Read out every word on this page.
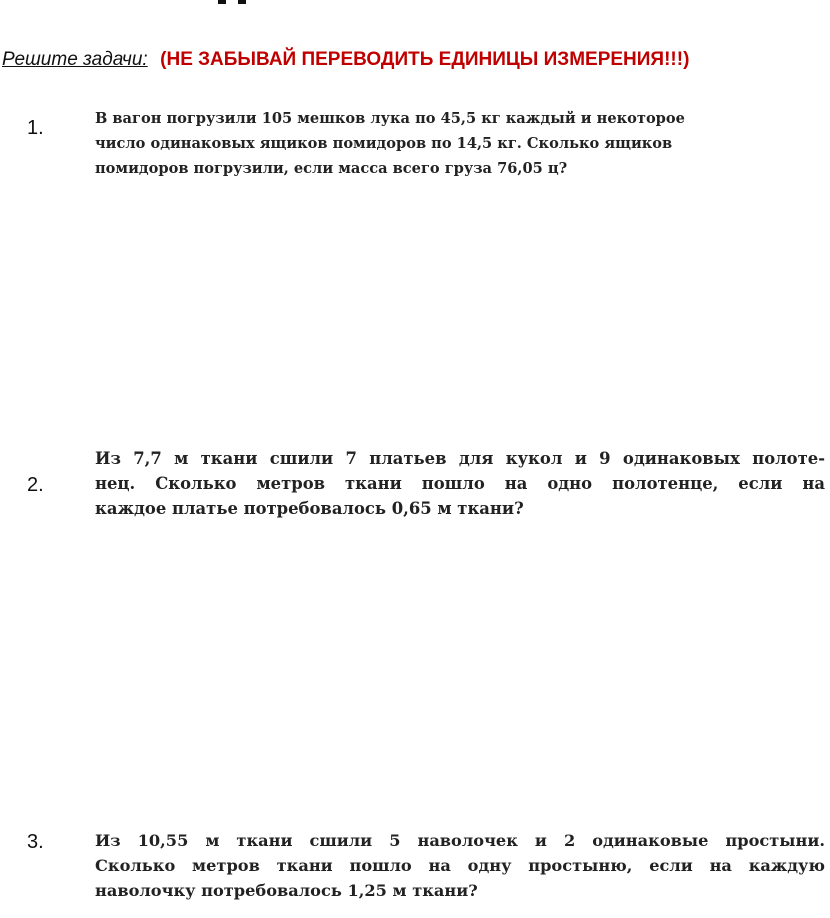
Решите задачи: (НЕ ЗАБЫВАЙ ПЕРЕВОДИТЬ ЕДИНИЦЫ ИЗМЕРЕНИЯ!!!)
1.	В вагон погрузили 105 мешков лука по 45,5 кг каждый и некоторое
число одинаковых ящиков помидоров по 14,5 кг. Сколько ящиков
помидоров погрузили, если масса всего груза 76,05 ц?
2.
Из 7,7 м ткани сшили 7 платьев для кукол и 9 одинаковых полоте-
нец. Сколько метров ткани пошло на одно полотенце, если на
каждое платье потребовалось 0,65 м ткани?
3.	Из 10,55 м ткани сшили 5 наволочек и 2 одинаковые простыни.
Сколько метров ткани пошло на одну простыню, если на каждую
наволочку потребовалось 1,25 м ткани?
